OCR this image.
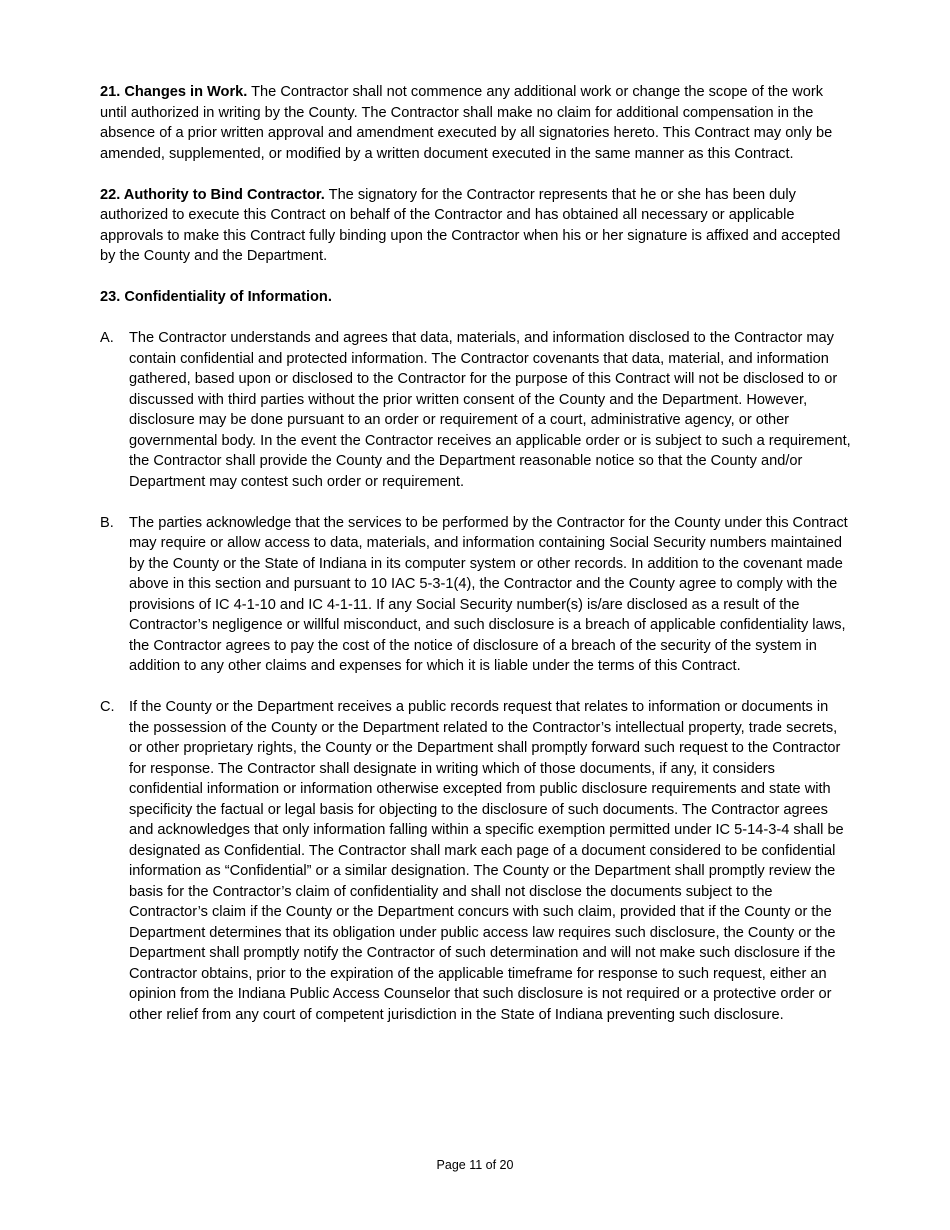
21. Changes in Work. The Contractor shall not commence any additional work or change the scope of the work until authorized in writing by the County. The Contractor shall make no claim for additional compensation in the absence of a prior written approval and amendment executed by all signatories hereto. This Contract may only be amended, supplemented, or modified by a written document executed in the same manner as this Contract.

22. Authority to Bind Contractor. The signatory for the Contractor represents that he or she has been duly authorized to execute this Contract on behalf of the Contractor and has obtained all necessary or applicable approvals to make this Contract fully binding upon the Contractor when his or her signature is affixed and accepted by the County and the Department.

23. Confidentiality of Information.

A. The Contractor understands and agrees that data, materials, and information disclosed to the Contractor may contain confidential and protected information. The Contractor covenants that data, material, and information gathered, based upon or disclosed to the Contractor for the purpose of this Contract will not be disclosed to or discussed with third parties without the prior written consent of the County and the Department. However, disclosure may be done pursuant to an order or requirement of a court, administrative agency, or other governmental body. In the event the Contractor receives an applicable order or is subject to such a requirement, the Contractor shall provide the County and the Department reasonable notice so that the County and/or Department may contest such order or requirement.
B. The parties acknowledge that the services to be performed by the Contractor for the County under this Contract may require or allow access to data, materials, and information containing Social Security numbers maintained by the County or the State of Indiana in its computer system or other records. In addition to the covenant made above in this section and pursuant to 10 IAC 5-3-1(4), the Contractor and the County agree to comply with the provisions of IC 4-1-10 and IC 4-1-11. If any Social Security number(s) is/are disclosed as a result of the Contractor’s negligence or willful misconduct, and such disclosure is a breach of applicable confidentiality laws, the Contractor agrees to pay the cost of the notice of disclosure of a breach of the security of the system in addition to any other claims and expenses for which it is liable under the terms of this Contract.
C. If the County or the Department receives a public records request that relates to information or documents in the possession of the County or the Department related to the Contractor’s intellectual property, trade secrets, or other proprietary rights, the County or the Department shall promptly forward such request to the Contractor for response. The Contractor shall designate in writing which of those documents, if any, it considers confidential information or information otherwise excepted from public disclosure requirements and state with specificity the factual or legal basis for objecting to the disclosure of such documents. The Contractor agrees and acknowledges that only information falling within a specific exemption permitted under IC 5-14-3-4 shall be designated as Confidential. The Contractor shall mark each page of a document considered to be confidential information as “Confidential” or a similar designation. The County or the Department shall promptly review the basis for the Contractor’s claim of confidentiality and shall not disclose the documents subject to the Contractor’s claim if the County or the Department concurs with such claim, provided that if the County or the Department determines that its obligation under public access law requires such disclosure, the County or the Department shall promptly notify the Contractor of such determination and will not make such disclosure if the Contractor obtains, prior to the expiration of the applicable timeframe for response to such request, either an opinion from the Indiana Public Access Counselor that such disclosure is not required or a protective order or other relief from any court of competent jurisdiction in the State of Indiana preventing such disclosure.
Page 11 of 20
